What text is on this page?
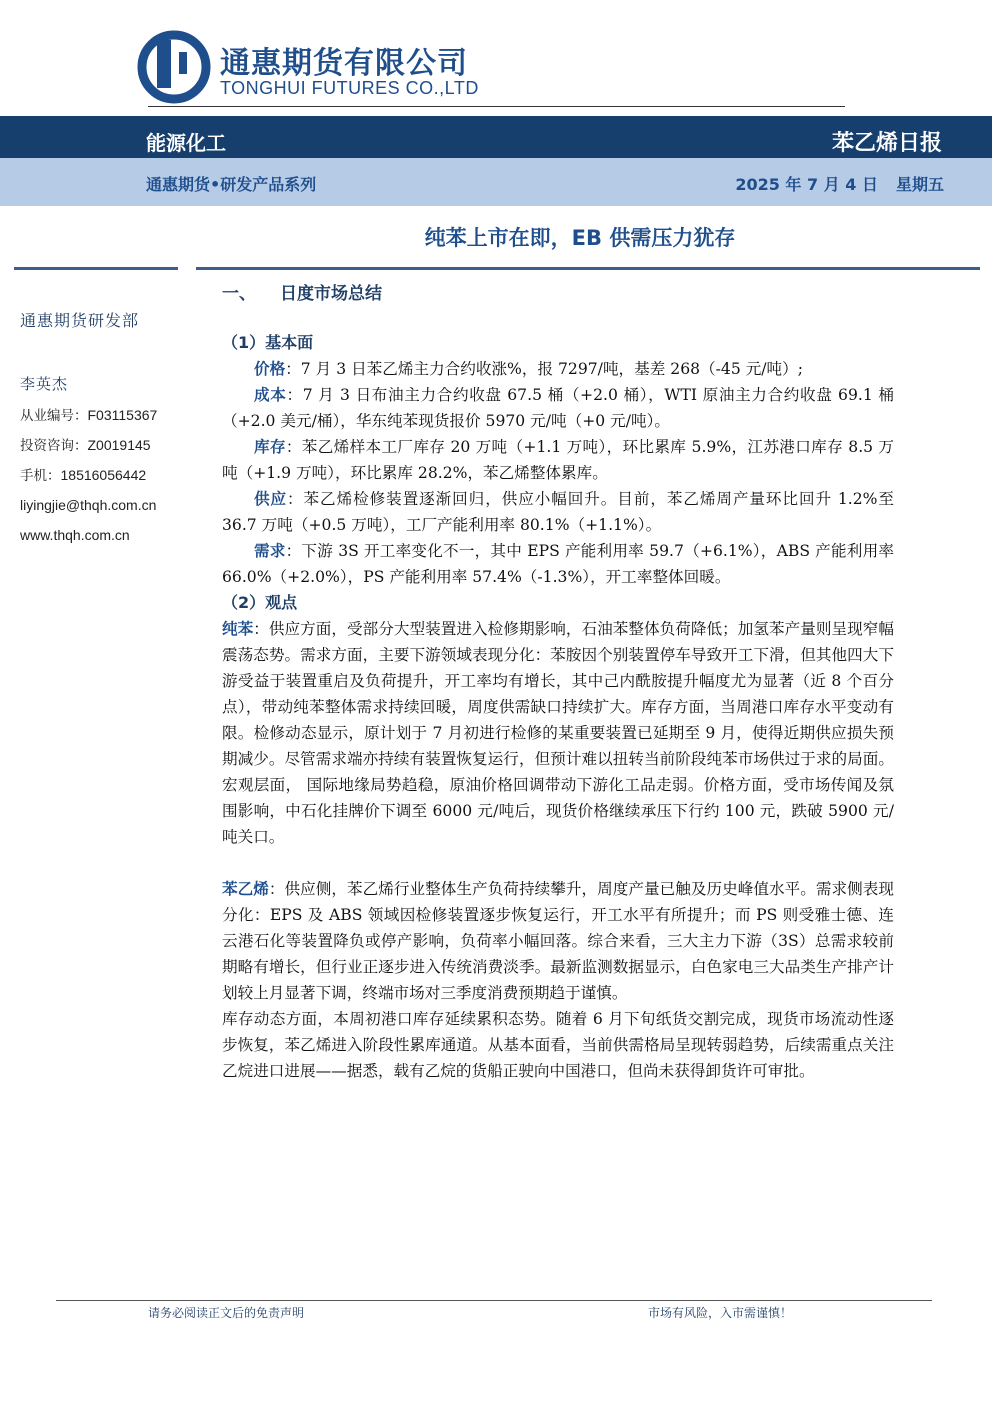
通惠期货有限公司
TONGHUI FUTURES CO.,LTD
能源化工	苯乙烯日报
通惠期货•研发产品系列	2025 年 7 月 4 日 星期五
纯苯上市在即，EB 供需压力犹存
通惠期货研发部
李英杰
从业编号：F03115367
投资咨询：Z0019145
手机：18516056442
liyingjie@thqh.com.cn
www.thqh.com.cn
一、 日度市场总结
（1）基本面

价格：7 月 3 日苯乙烯主力合约收涨%，报 7297/吨，基差 268（-45 元/吨）;

成本：7 月 3 日布油主力合约收盘 67.5 桶（+2.0 桶），WTI 原油主力合约收盘 69.1 桶（+2.0 美元/桶），华东纯苯现货报价 5970 元/吨（+0 元/吨）。

库存：苯乙烯样本工厂库存 20 万吨（+1.1 万吨），环比累库 5.9%，江苏港口库存 8.5 万吨（+1.9 万吨），环比累库 28.2%，苯乙烯整体累库。

供应：苯乙烯检修装置逐渐回归，供应小幅回升。目前，苯乙烯周产量环比回升 1.2%至 36.7 万吨（+0.5 万吨），工厂产能利用率 80.1%（+1.1%）。

需求：下游 3S 开工率变化不一，其中 EPS 产能利用率 59.7（+6.1%），ABS 产能利用率 66.0%（+2.0%），PS 产能利用率 57.4%（-1.3%），开工率整体回暖。

（2）观点

纯苯：供应方面，受部分大型装置进入检修期影响，石油苯整体负荷降低；加氢苯产量则呈现窄幅震荡态势。需求方面，主要下游领域表现分化：苯胺因个别装置停车导致开工下滑，但其他四大下游受益于装置重启及负荷提升，开工率均有增长，其中己内酰胺提升幅度尤为显著（近 8 个百分点），带动纯苯整体需求持续回暖，周度供需缺口持续扩大。库存方面，当周港口库存水平变动有限。检修动态显示，原计划于 7 月初进行检修的某重要装置已延期至 9 月，使得近期供应损失预期减少。尽管需求端亦持续有装置恢复运行，但预计难以扭转当前阶段纯苯市场供过于求的局面。宏观层面， 国际地缘局势趋稳，原油价格回调带动下游化工品走弱。价格方面，受市场传闻及氛围影响，中石化挂牌价下调至 6000 元/吨后，现货价格继续承压下行约 100 元，跌破 5900 元/吨关口。

苯乙烯：供应侧，苯乙烯行业整体生产负荷持续攀升，周度产量已触及历史峰值水平。需求侧表现分化：EPS 及 ABS 领域因检修装置逐步恢复运行，开工水平有所提升；而 PS 则受雅士德、连云港石化等装置降负或停产影响，负荷率小幅回落。综合来看，三大主力下游（3S）总需求较前期略有增长，但行业正逐步进入传统消费淡季。最新监测数据显示，白色家电三大品类生产排产计划较上月显著下调，终端市场对三季度消费预期趋于谨慎。

库存动态方面，本周初港口库存延续累积态势。随着 6 月下旬纸货交割完成，现货市场流动性逐步恢复，苯乙烯进入阶段性累库通道。从基本面看，当前供需格局呈现转弱趋势，后续需重点关注乙烷进口进展——据悉，载有乙烷的货船正驶向中国港口，但尚未获得卸货许可审批。

请务必阅读正文后的免责声明	市场有风险，入市需谨慎！
